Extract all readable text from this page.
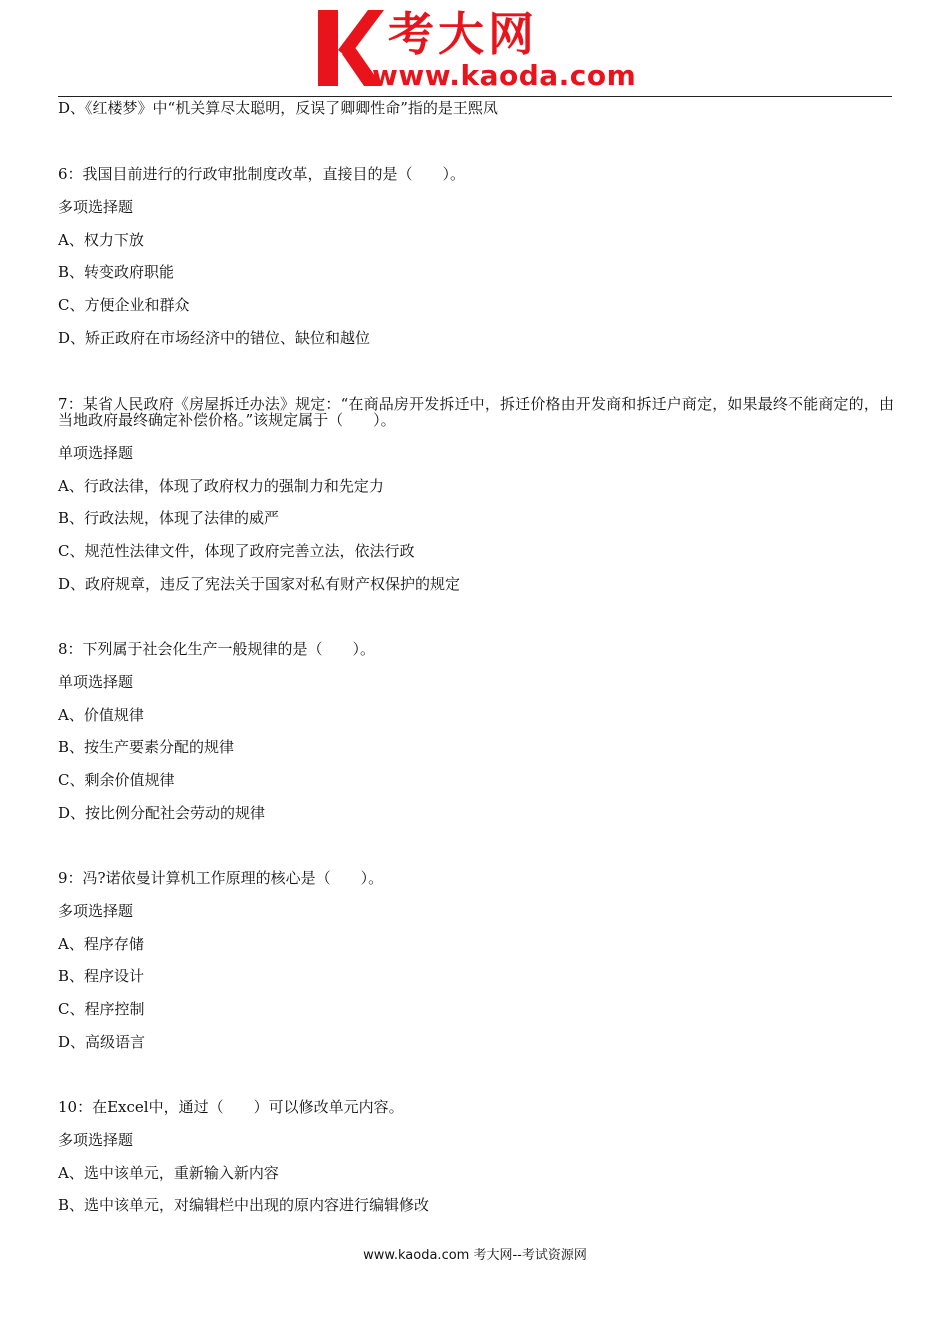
考大网
www.kaoda.com
D、《红楼梦》中“机关算尽太聪明，反误了卿卿性命”指的是王熙凤
6：我国目前进行的行政审批制度改革，直接目的是（　　）。
多项选择题
A、权力下放
B、转变政府职能
C、方便企业和群众
D、矫正政府在市场经济中的错位、缺位和越位
7：某省人民政府《房屋拆迁办法》规定：“在商品房开发拆迁中，拆迁价格由开发商和拆迁户商定，如果最终不能商定的，由当地政府最终确定补偿价格。”该规定属于（　　）。
单项选择题
A、行政法律，体现了政府权力的强制力和先定力
B、行政法规，体现了法律的威严
C、规范性法律文件，体现了政府完善立法，依法行政
D、政府规章，违反了宪法关于国家对私有财产权保护的规定
8：下列属于社会化生产一般规律的是（　　）。
单项选择题
A、价值规律
B、按生产要素分配的规律
C、剩余价值规律
D、按比例分配社会劳动的规律
9：冯?诺依曼计算机工作原理的核心是（　　）。
多项选择题
A、程序存储
B、程序设计
C、程序控制
D、高级语言
10：在Excel中，通过（　　）可以修改单元内容。
多项选择题
A、选中该单元，重新输入新内容
B、选中该单元，对编辑栏中出现的原内容进行编辑修改
www.kaoda.com 考大网--考试资源网
